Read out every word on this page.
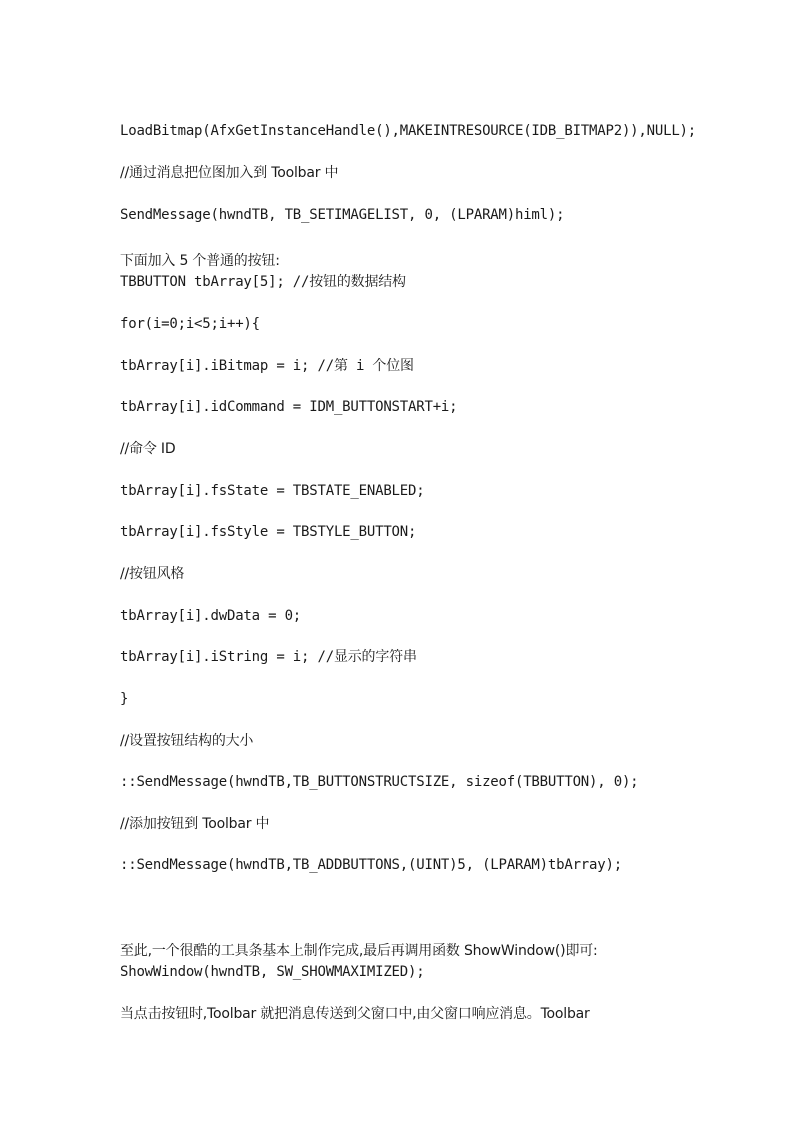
LoadBitmap(AfxGetInstanceHandle(),MAKEINTRESOURCE(IDB_BITMAP2)),NULL);
//通过消息把位图加入到 Toolbar 中
SendMessage(hwndTB, TB_SETIMAGELIST, 0, (LPARAM)himl);
下面加入 5 个普通的按钮:
TBBUTTON tbArray[5]; //按钮的数据结构
for(i=0;i<5;i++){
tbArray[i].iBitmap = i; //第 i 个位图
tbArray[i].idCommand = IDM_BUTTONSTART+i;
//命令 ID
tbArray[i].fsState = TBSTATE_ENABLED;
tbArray[i].fsStyle = TBSTYLE_BUTTON;
//按钮风格
tbArray[i].dwData = 0;
tbArray[i].iString = i; //显示的字符串
}
//设置按钮结构的大小
::SendMessage(hwndTB,TB_BUTTONSTRUCTSIZE, sizeof(TBBUTTON), 0);
//添加按钮到 Toolbar 中
::SendMessage(hwndTB,TB_ADDBUTTONS,(UINT)5, (LPARAM)tbArray);
至此,一个很酷的工具条基本上制作完成,最后再调用函数 ShowWindow()即可:
ShowWindow(hwndTB, SW_SHOWMAXIMIZED);
当点击按钮时,Toolbar 就把消息传送到父窗口中,由父窗口响应消息。Toolbar
